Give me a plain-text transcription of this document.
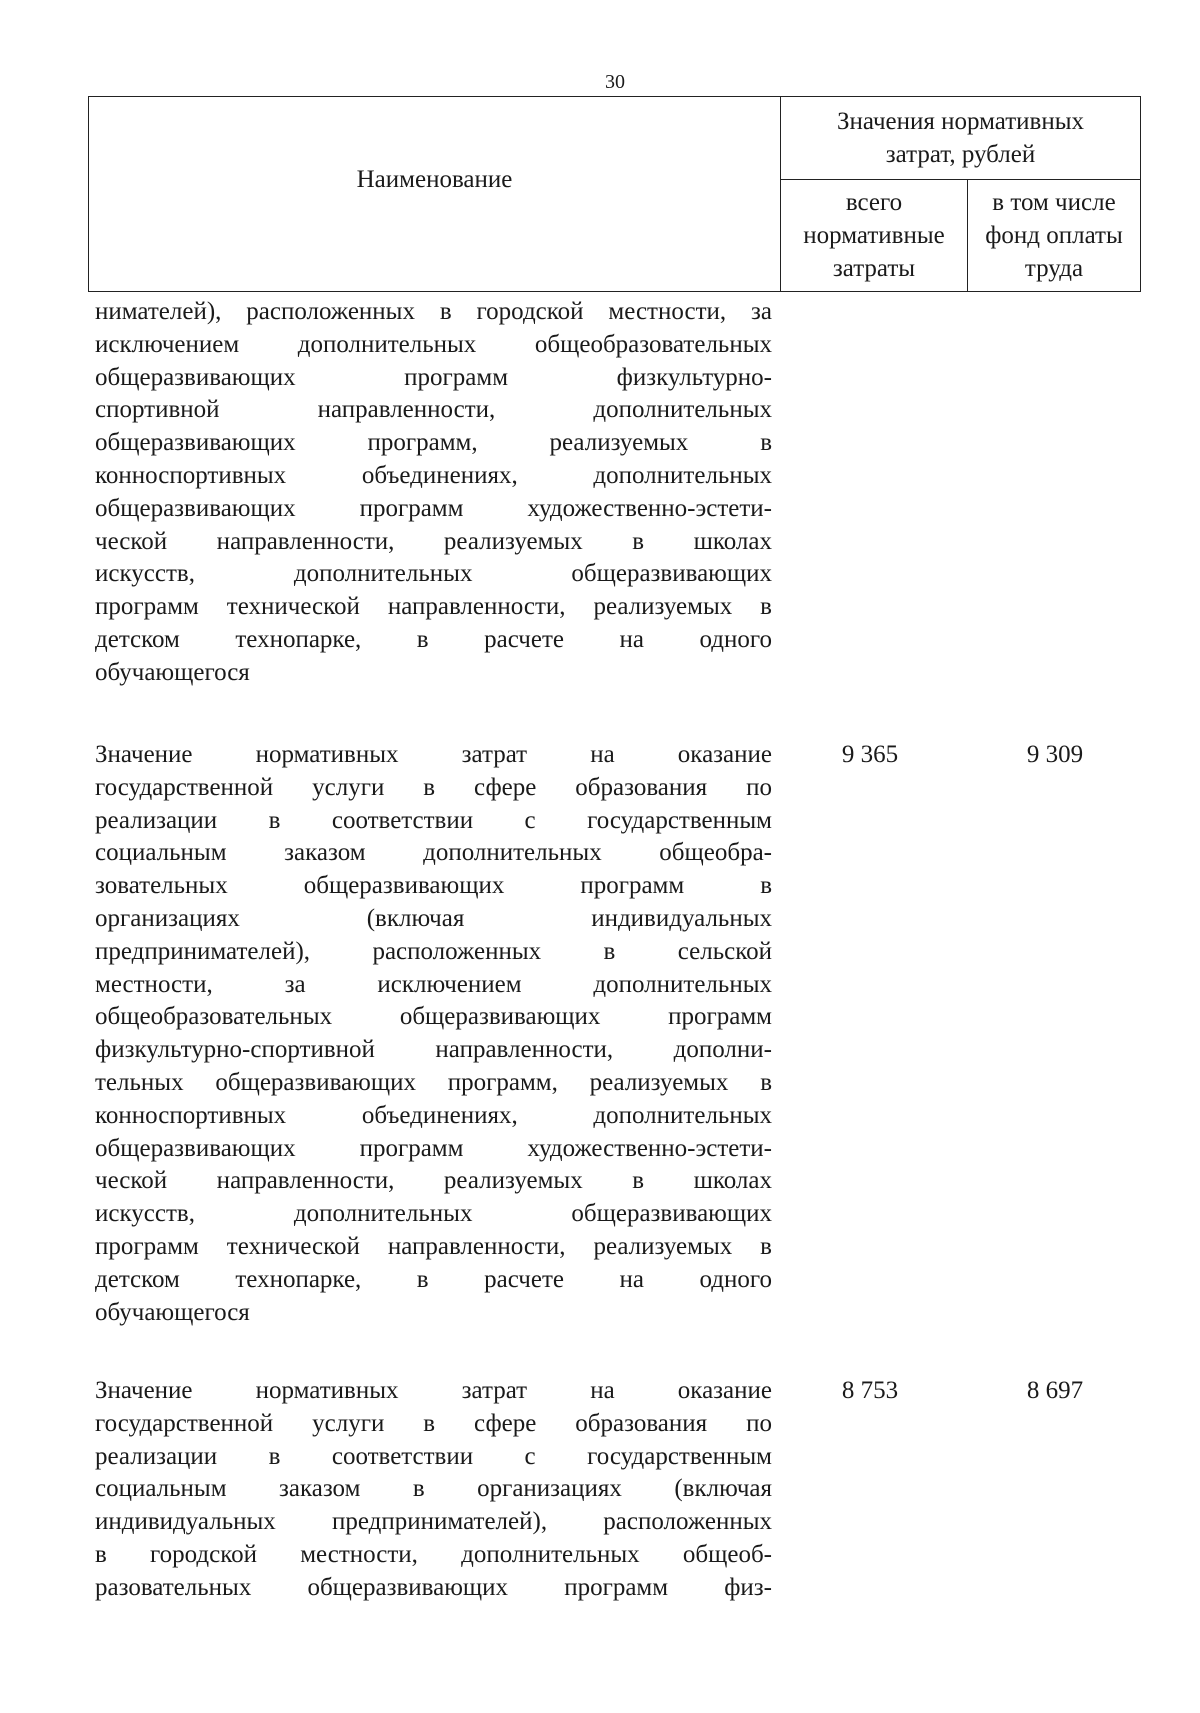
30
Наименование
Значения нормативных
затрат, рублей
всего
нормативные
затраты
в том числе
фонд оплаты
труда
нимателей), расположенных в городской местности, за
исключением дополнительных общеобразовательных
общеразвивающих программ физкультурно-
спортивной направленности, дополнительных
общеразвивающих программ, реализуемых в
конноспортивных объединениях, дополнительных
общеразвивающих программ художественно-эстети-
ческой направленности, реализуемых в школах
искусств, дополнительных общеразвивающих
программ технической направленности, реализуемых в
детском технопарке, в расчете на одного
обучающегося
Значение нормативных затрат на оказание
государственной услуги в сфере образования по
реализации в соответствии с государственным
социальным заказом дополнительных общеобра-
зовательных общеразвивающих программ в
организациях (включая индивидуальных
предпринимателей), расположенных в сельской
местности, за исключением дополнительных
общеобразовательных общеразвивающих программ
физкультурно-спортивной направленности, дополни-
тельных общеразвивающих программ, реализуемых в
конноспортивных объединениях, дополнительных
общеразвивающих программ художественно-эстети-
ческой направленности, реализуемых в школах
искусств, дополнительных общеразвивающих
программ технической направленности, реализуемых в
детском технопарке, в расчете на одного
обучающегося
9 365	9 309
Значение нормативных затрат на оказание
государственной услуги в сфере образования по
реализации в соответствии с государственным
социальным заказом в организациях (включая
индивидуальных предпринимателей), расположенных
в городской местности, дополнительных общеоб-
разовательных общеразвивающих программ физ-
8 753	8 697
